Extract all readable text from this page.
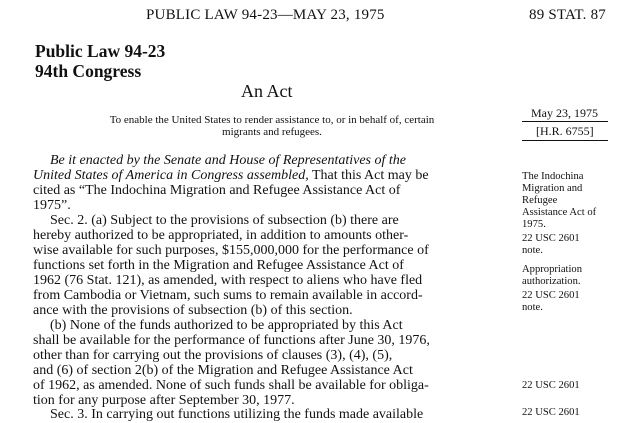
PUBLIC LAW 94-23—MAY 23, 1975	89 STAT. 87
Public Law 94-23
94th Congress
An Act
To enable the United States to render assistance to, or in behalf of, certain
migrants and refugees.
May 23, 1975
[H.R. 6755]
Be it enacted by the Senate and House of Representatives of the
United States of America in Congress assembled, That this Act may be
cited as “The Indochina Migration and Refugee Assistance Act of
1975”.
Sec. 2. (a) Subject to the provisions of subsection (b) there are
hereby authorized to be appropriated, in addition to amounts other-
wise available for such purposes, $155,000,000 for the performance of
functions set forth in the Migration and Refugee Assistance Act of
1962 (76 Stat. 121), as amended, with respect to aliens who have fled
from Cambodia or Vietnam, such sums to remain available in accord-
ance with the provisions of subsection (b) of this section.
(b) None of the funds authorized to be appropriated by this Act
shall be available for the performance of functions after June 30, 1976,
other than for carrying out the provisions of clauses (3), (4), (5),
and (6) of section 2(b) of the Migration and Refugee Assistance Act
of 1962, as amended. None of such funds shall be available for obliga-
tion for any purpose after September 30, 1977.
Sec. 3. In carrying out functions utilizing the funds made available
The Indochina
Migration and
Refugee
Assistance Act of
1975.
22 USC 2601
note.
Appropriation
authorization.
22 USC 2601
note.
22 USC 2601
22 USC 2601
